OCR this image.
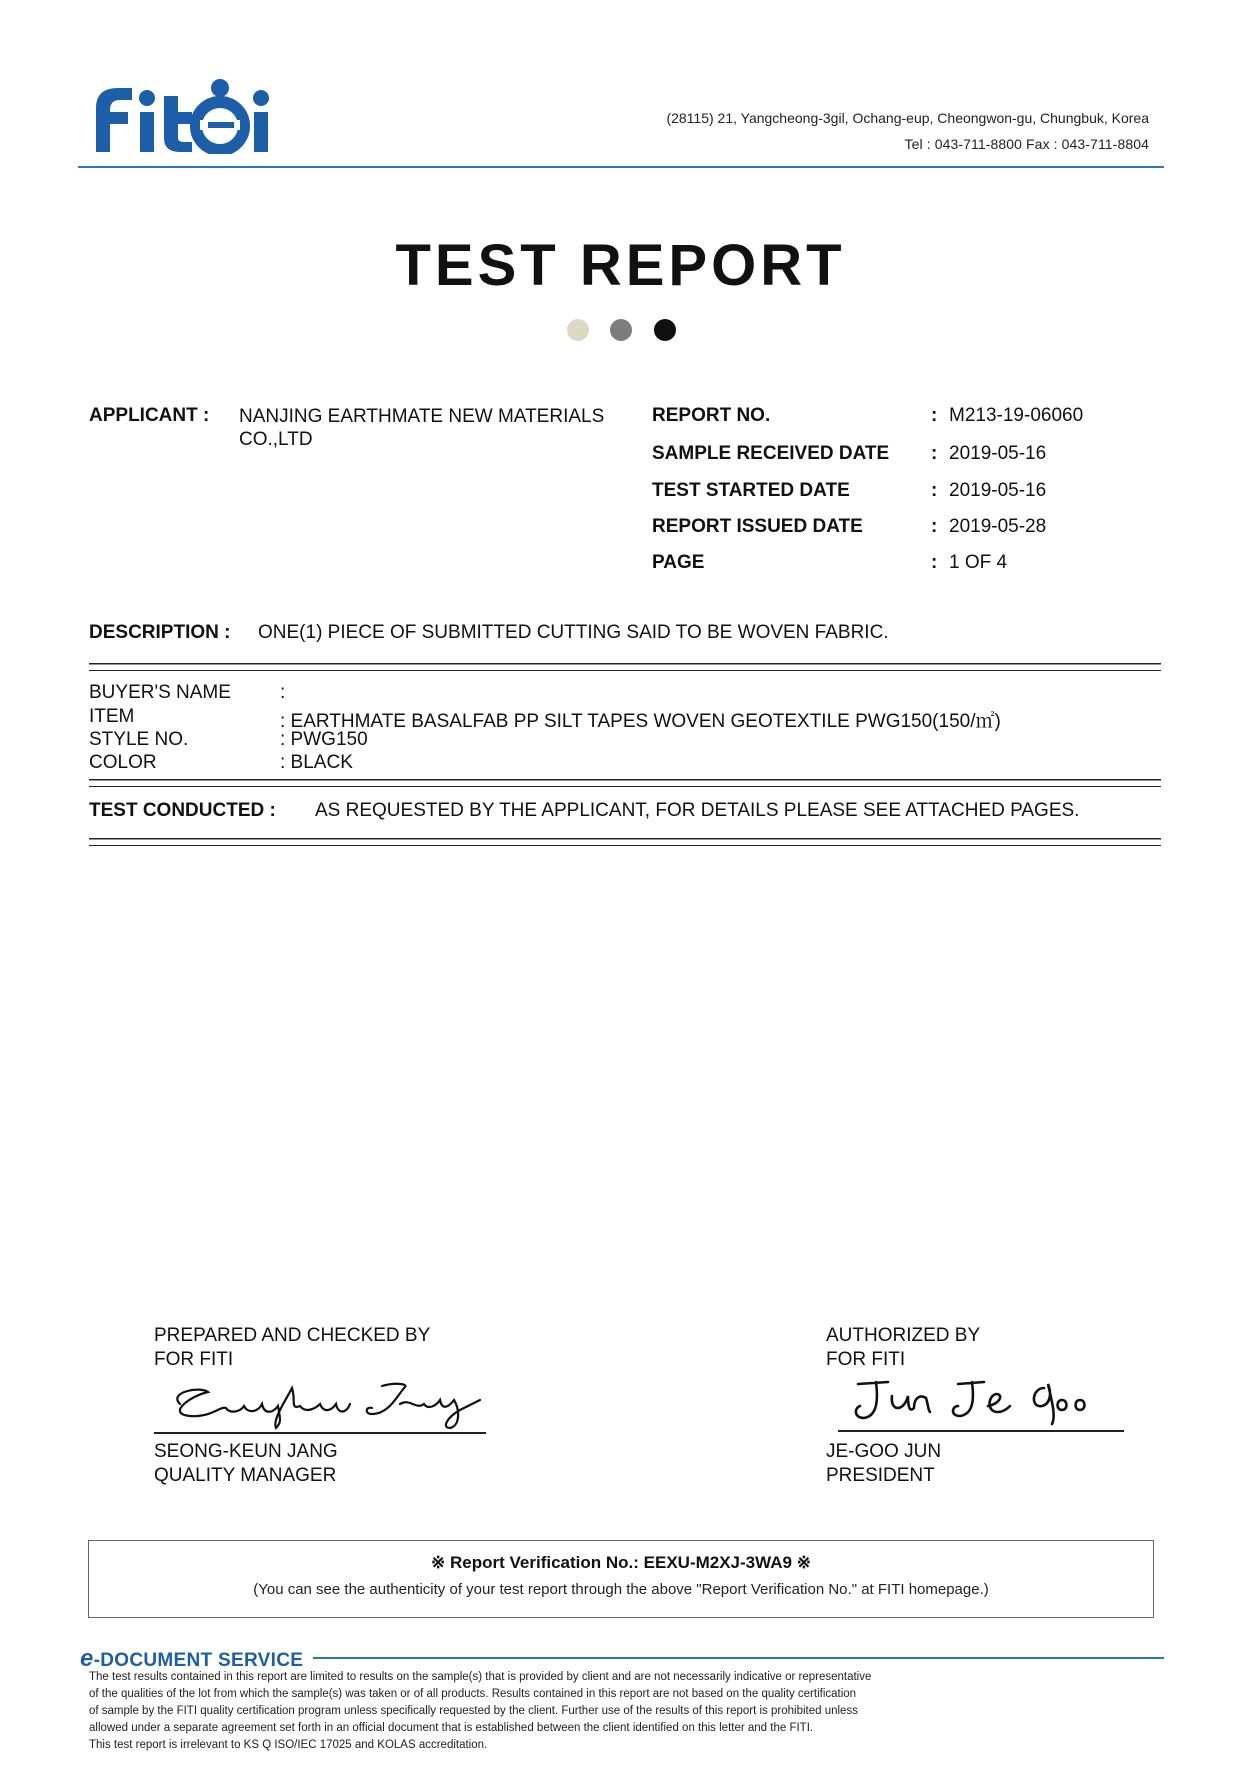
(28115) 21, Yangcheong-3gil, Ochang-eup, Cheongwon-gu, Chungbuk, Korea
Tel : 043-711-8800 Fax : 043-711-8804
TEST REPORT
APPLICANT : NANJING EARTHMATE NEW MATERIALS CO.,LTD
REPORT NO.	: M213-19-06060
SAMPLE RECEIVED DATE : 2019-05-16
TEST STARTED DATE	: 2019-05-16
REPORT ISSUED DATE	: 2019-05-28
PAGE	: 1 OF 4
DESCRIPTION : ONE(1) PIECE OF SUBMITTED CUTTING SAID TO BE WOVEN FABRIC.
BUYER'S NAME	:
ITEM	: EARTHMATE BASALFAB PP SILT TAPES WOVEN GEOTEXTILE PWG150(150/㎡)
STYLE NO.	: PWG150
COLOR	: BLACK
TEST CONDUCTED : AS REQUESTED BY THE APPLICANT, FOR DETAILS PLEASE SEE ATTACHED PAGES.
PREPARED AND CHECKED BY
FOR FITI
SEONG-KEUN JANG
QUALITY MANAGER
AUTHORIZED BY
FOR FITI
JE-GOO JUN
PRESIDENT
※ Report Verification No.: EEXU-M2XJ-3WA9 ※
(You can see the authenticity of your test report through the above "Report Verification No." at FITI homepage.)
e-DOCUMENT SERVICE
The test results contained in this report are limited to results on the sample(s) that is provided by client and are not necessarily indicative or representative
of the qualities of the lot from which the sample(s) was taken or of all products. Results contained in this report are not based on the quality certification
of sample by the FITI quality certification program unless specifically requested by the client. Further use of the results of this report is prohibited unless
allowed under a separate agreement set forth in an official document that is established between the client identified on this letter and the FITI.
This test report is irrelevant to KS Q ISO/IEC 17025 and KOLAS accreditation.
